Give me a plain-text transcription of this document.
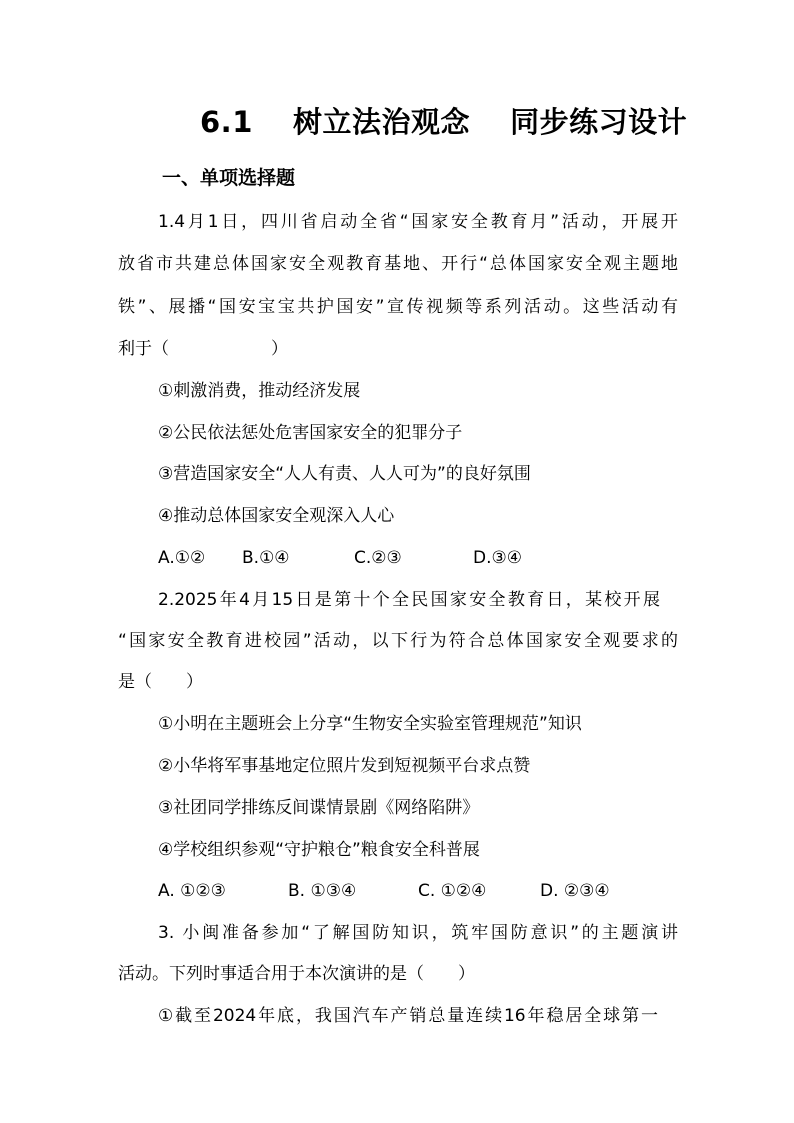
6.1　 树立法治观念　 同步练习设计
一、单项选择题
1.4月1日，四川省启动全省“国家安全教育月”活动，开展开
放省市共建总体国家安全观教育基地、开行“总体国家安全观主题地
铁”、展播“国安宝宝共护国安”宣传视频等系列活动。这些活动有
利于（　　　　　　）
①刺激消费，推动经济发展
②公民依法惩处危害国家安全的犯罪分子
③营造国家安全“人人有责、人人可为”的良好氛围
④推动总体国家安全观深入人心
A.①② B.①④	C.②③	D.③④
2.2025年4月15日是第十个全民国家安全教育日，某校开展
“国家安全教育进校园”活动，以下行为符合总体国家安全观要求的
是（　　）
①小明在主题班会上分享“生物安全实验室管理规范”知识
②小华将军事基地定位照片发到短视频平台求点赞
③社团同学排练反间谍情景剧《网络陷阱》
④学校组织参观“守护粮仓”粮食安全科普展
A. ①②③	B. ①③④	C. ①②④	D. ②③④
3. 小闽准备参加“了解国防知识，筑牢国防意识”的主题演讲
活动。下列时事适合用于本次演讲的是（　　）
①截至2024年底，我国汽车产销总量连续16年稳居全球第一
